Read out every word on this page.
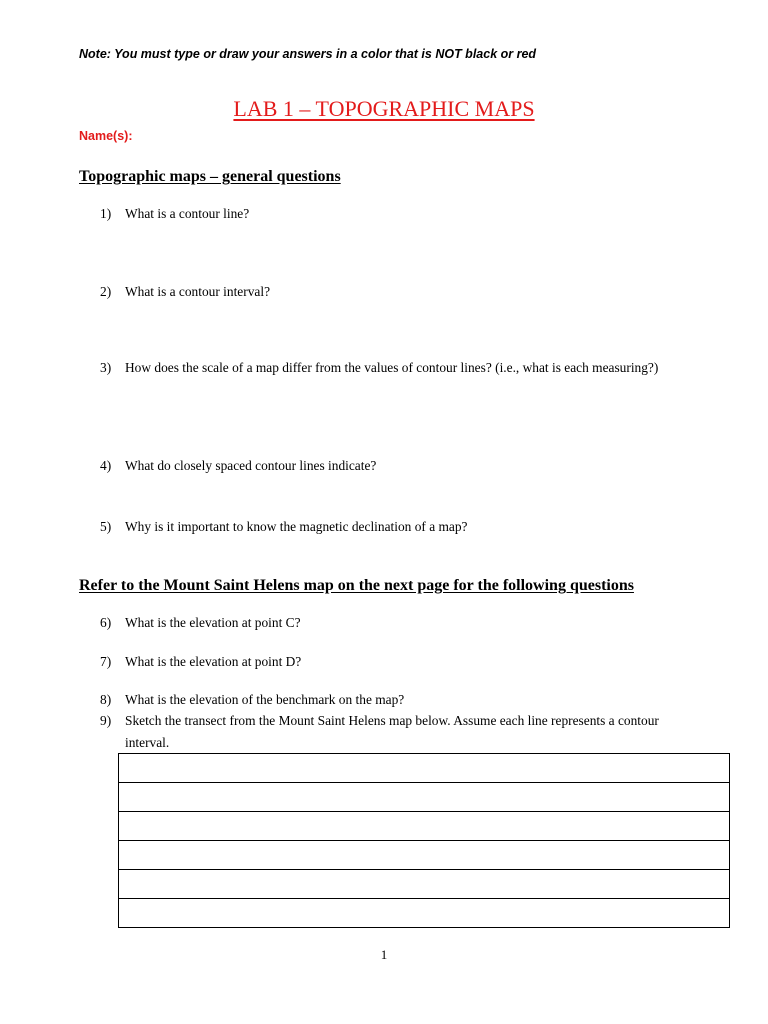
Note: You must type or draw your answers in a color that is NOT black or red
LAB 1 – TOPOGRAPHIC MAPS
Name(s):
Topographic maps – general questions
1)	What is a contour line?
2)	What is a contour interval?
3)	How does the scale of a map differ from the values of contour lines? (i.e., what is each measuring?)
4)	What do closely spaced contour lines indicate?
5)	Why is it important to know the magnetic declination of a map?
Refer to the Mount Saint Helens map on the next page for the following questions
6)	What is the elevation at point C?
7)	What is the elevation at point D?
8)	What is the elevation of the benchmark on the map?
9)	Sketch the transect from the Mount Saint Helens map below. Assume each line represents a contour interval.

1
